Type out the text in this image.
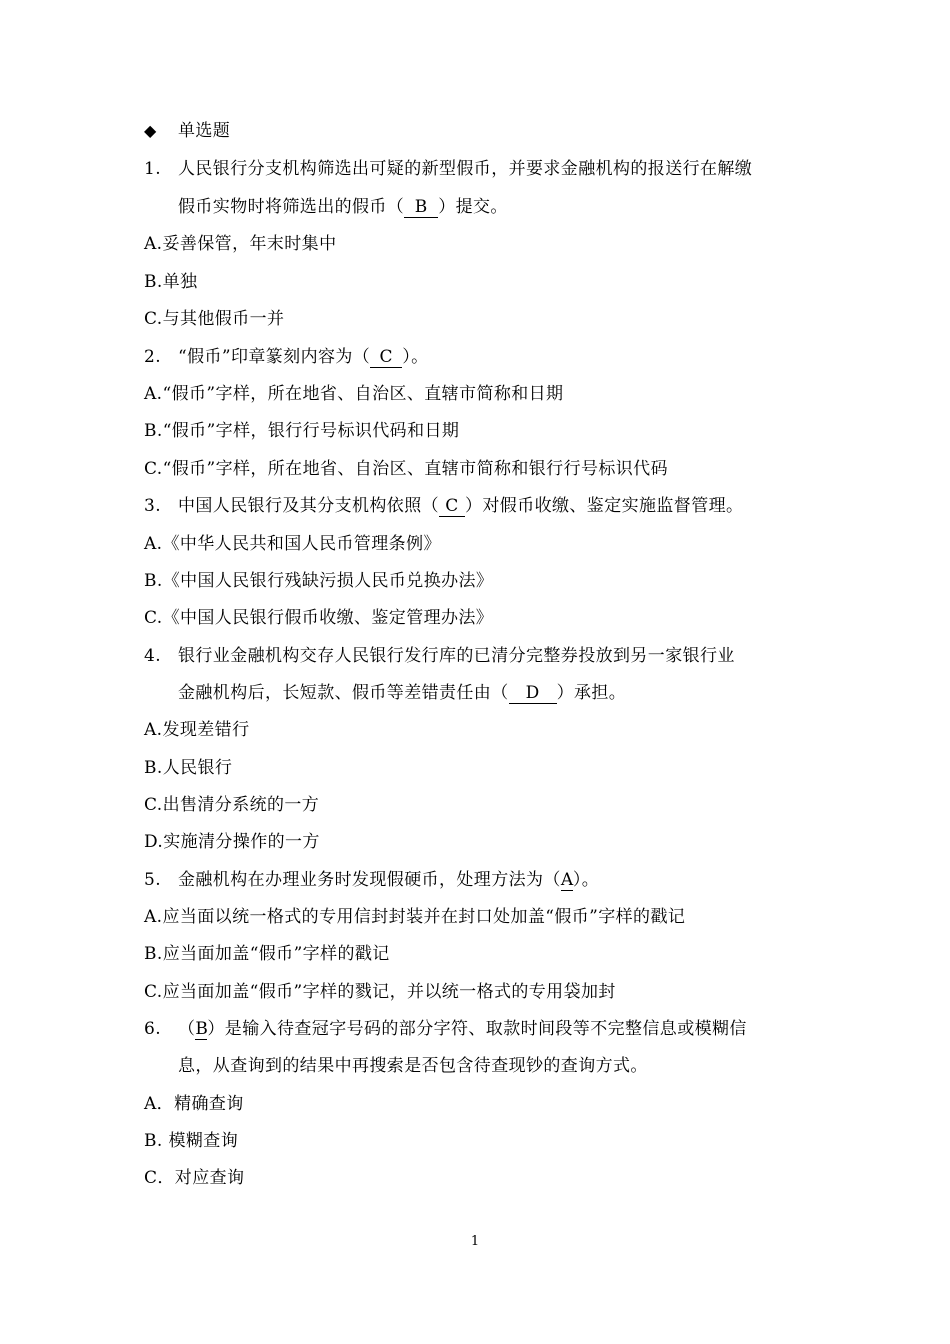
◆ 单选题
1. 人民银行分支机构筛选出可疑的新型假币，并要求金融机构的报送行在解缴
假币实物时将筛选出的假币（ B ）提交。
A.妥善保管，年末时集中
B.单独
C.与其他假币一并
2. “假币”印章篆刻内容为（ C ）。
A.“假币”字样，所在地省、自治区、直辖市简称和日期
B.“假币”字样，银行行号标识代码和日期
C.“假币”字样，所在地省、自治区、直辖市简称和银行行号标识代码
3. 中国人民银行及其分支机构依照（ C ）对假币收缴、鉴定实施监督管理。
A.《中华人民共和国人民币管理条例》
B.《中国人民银行残缺污损人民币兑换办法》
C.《中国人民银行假币收缴、鉴定管理办法》
4. 银行业金融机构交存人民银行发行库的已清分完整券投放到另一家银行业
金融机构后，长短款、假币等差错责任由（ D ）承担。
A.发现差错行
B.人民银行
C.出售清分系统的一方
D.实施清分操作的一方
5. 金融机构在办理业务时发现假硬币，处理方法为（A）。
A.应当面以统一格式的专用信封封装并在封口处加盖“假币”字样的戳记
B.应当面加盖“假币”字样的戳记
C.应当面加盖“假币”字样的戮记，并以统一格式的专用袋加封
6. （B）是输入待查冠字号码的部分字符、取款时间段等不完整信息或模糊信
息，从查询到的结果中再搜索是否包含待查现钞的查询方式。
A．精确查询
B. 模糊查询
C．对应查询
1
